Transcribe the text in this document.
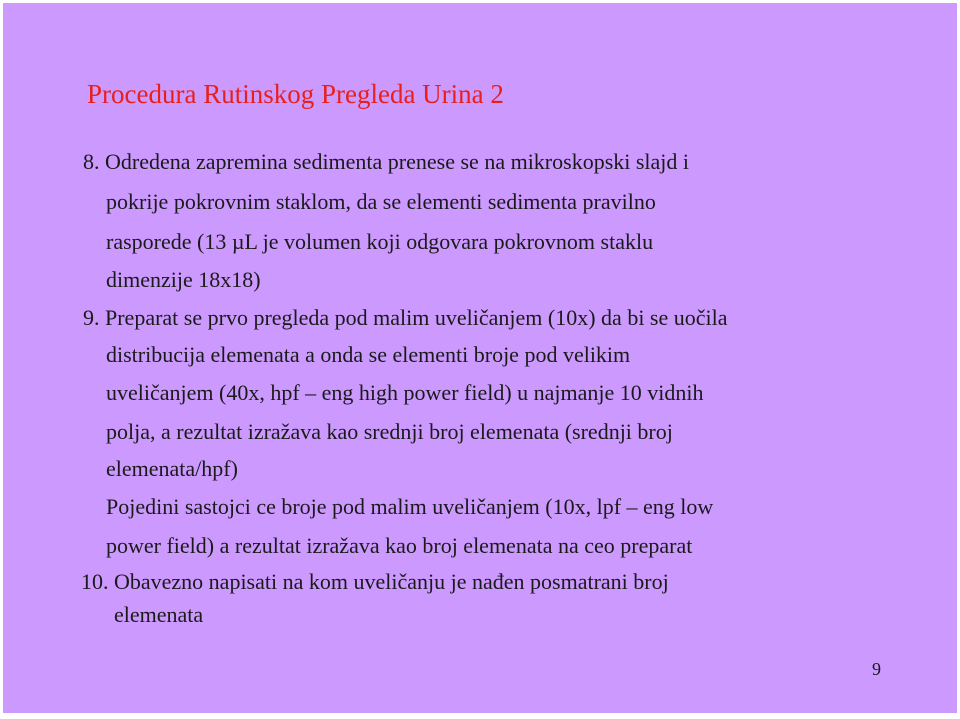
Procedura Rutinskog Pregleda Urina 2
8. Odredena zapremina sedimenta prenese se na mikroskopski slajd i
pokrije pokrovnim staklom, da se elementi sedimenta pravilno
rasporede (13 µL je volumen koji odgovara pokrovnom staklu
dimenzije 18x18)
9. Preparat se prvo pregleda pod malim uveličanjem (10x) da bi se uočila
distribucija elemenata a onda se elementi broje pod velikim
uveličanjem (40x, hpf – eng high power field) u najmanje 10 vidnih
polja, a rezultat izražava kao srednji broj elemenata (srednji broj
elemenata/hpf)
Pojedini sastojci ce broje pod malim uveličanjem (10x, lpf – eng low
power field) a rezultat izražava kao broj elemenata na ceo preparat
10. Obavezno napisati na kom uveličanju je nađen posmatrani broj
elemenata
9
